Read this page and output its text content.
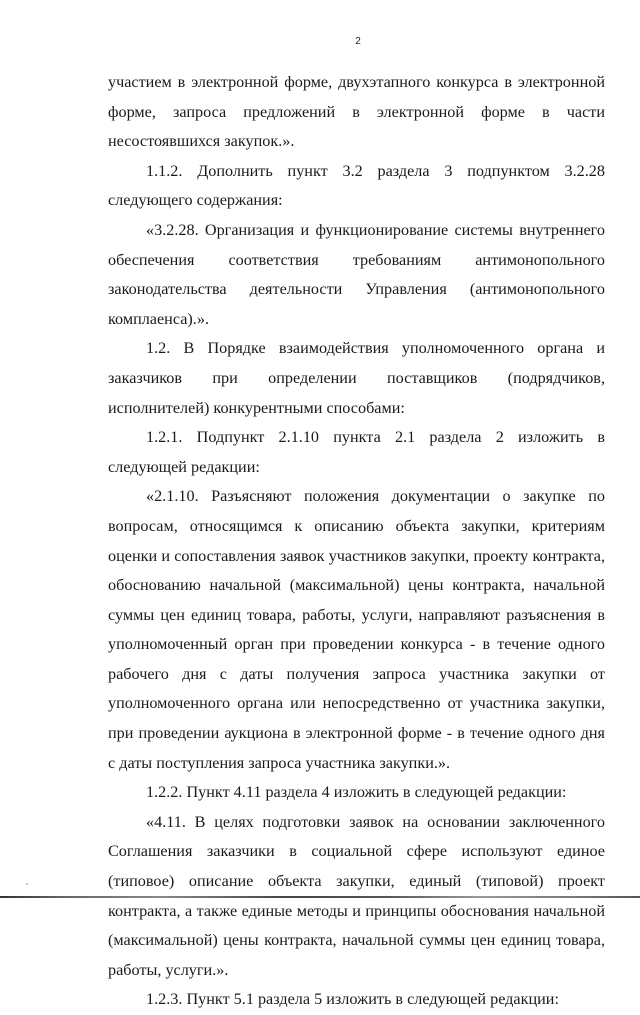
2

участием в электронной форме, двухэтапного конкурса в электронной форме, запроса предложений в электронной форме в части несостоявшихся закупок.».

1.1.2. Дополнить пункт 3.2 раздела 3 подпунктом 3.2.28 следующего содержания:

«3.2.28. Организация и функционирование системы внутреннего обеспечения соответствия требованиям антимонопольного законодательства деятельности Управления (антимонопольного комплаенса).».

1.2. В Порядке взаимодействия уполномоченного органа и заказчиков при определении поставщиков (подрядчиков, исполнителей) конкурентными способами:

1.2.1. Подпункт 2.1.10 пункта 2.1 раздела 2 изложить в следующей редакции:

«2.1.10. Разъясняют положения документации о закупке по вопросам, относящимся к описанию объекта закупки, критериям оценки и сопоставления заявок участников закупки, проекту контракта, обоснованию начальной (максимальной) цены контракта, начальной суммы цен единиц товара, работы, услуги, направляют разъяснения в уполномоченный орган при проведении конкурса - в течение одного рабочего дня с даты получения запроса участника закупки от уполномоченного органа или непосредственно от участника закупки, при проведении аукциона в электронной форме - в течение одного дня с даты поступления запроса участника закупки.».

1.2.2. Пункт 4.11 раздела 4 изложить в следующей редакции:

«4.11. В целях подготовки заявок на основании заключенного Соглашения заказчики в социальной сфере используют единое (типовое) описание объекта закупки, единый (типовой) проект контракта, а также единые методы и принципы обоснования начальной (максимальной) цены контракта, начальной суммы цен единиц товара, работы, услуги.».

1.2.3. Пункт 5.1 раздела 5 изложить в следующей редакции:
